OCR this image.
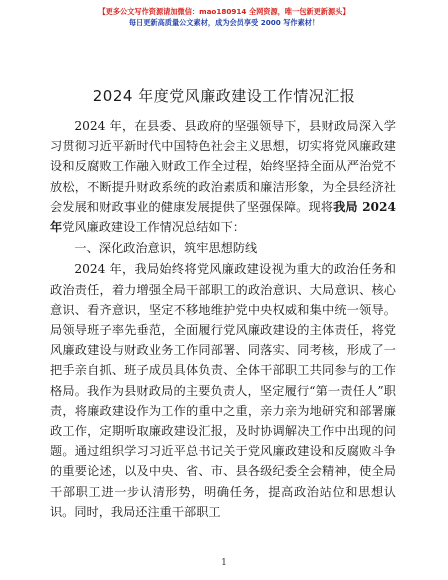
【更多公文写作资源请加微信：mao180914 全网资源，唯一包新更新源头】
每日更新高质量公文素材，成为会员享受 2000 写作素材！
2024 年度党风廉政建设工作情况汇报

2024 年，在县委、县政府的坚强领导下，县财政局深入学习贯彻习近平新时代中国特色社会主义思想，切实将党风廉政建设和反腐败工作融入财政工作全过程，始终坚持全面从严治党不放松，不断提升财政系统的政治素质和廉洁形象，为全县经济社会发展和财政事业的健康发展提供了坚强保障。现将我局 2024 年党风廉政建设工作情况总结如下：

一、深化政治意识，筑牢思想防线

2024 年，我局始终将党风廉政建设视为重大的政治任务和政治责任，着力增强全局干部职工的政治意识、大局意识、核心意识、看齐意识，坚定不移地维护党中央权威和集中统一领导。局领导班子率先垂范，全面履行党风廉政建设的主体责任，将党风廉政建设与财政业务工作同部署、同落实、同考核，形成了一把手亲自抓、班子成员具体负责、全体干部职工共同参与的工作格局。我作为县财政局的主要负责人，坚定履行“第一责任人”职责，将廉政建设作为工作的重中之重，亲力亲为地研究和部署廉政工作，定期听取廉政建设汇报，及时协调解决工作中出现的问题。通过组织学习习近平总书记关于党风廉政建设和反腐败斗争的重要论述，以及中央、省、市、县各级纪委全会精神，使全局干部职工进一步认清形势，明确任务，提高政治站位和思想认识。同时，我局还注重干部职工

1
